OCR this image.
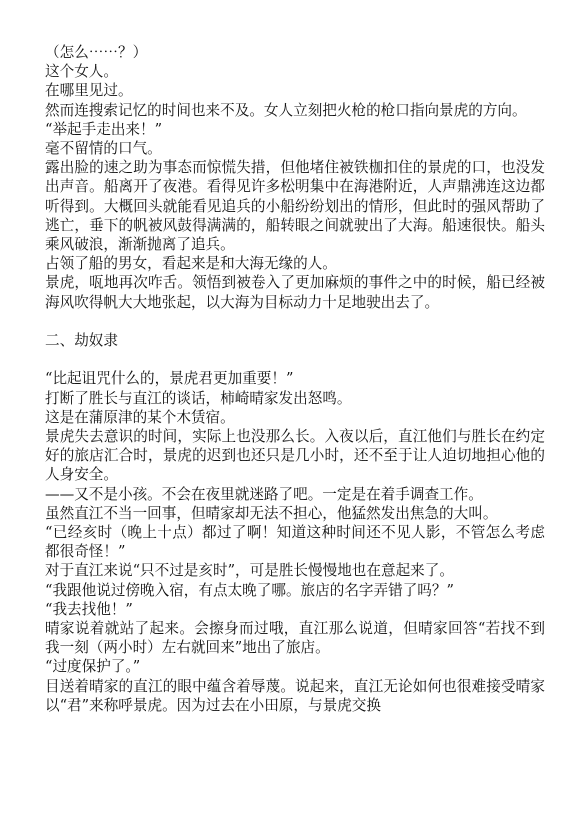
（怎么⋯⋯？）

这个女人。

在哪里见过。

然而连搜索记忆的时间也来不及。女人立刻把火枪的枪口指向景虎的方向。

“举起手走出来！”

毫不留情的口气。

露出脸的速之助为事态而惊慌失措，但他堵住被铁枷扣住的景虎的口，也没发出声音。船离开了夜港。看得见许多松明集中在海港附近，人声鼎沸连这边都听得到。大概回头就能看见追兵的小船纷纷划出的情形，但此时的强风帮助了逃亡，垂下的帆被风鼓得满满的，船转眼之间就驶出了大海。船速很快。船头乘风破浪，渐渐抛离了追兵。

占领了船的男女，看起来是和大海无缘的人。

景虎，咓地再次咋舌。领悟到被卷入了更加麻烦的事件之中的时候，船已经被海风吹得帆大大地张起，以大海为目标动力十足地驶出去了。

二、劫奴隶

“比起诅咒什么的，景虎君更加重要！”

打断了胜长与直江的谈话，柿崎晴家发出怒鸣。

这是在蒲原津的某个木赁宿。

景虎失去意识的时间，实际上也没那么长。入夜以后，直江他们与胜长在约定好的旅店汇合时，景虎的迟到也还只是几小时，还不至于让人迫切地担心他的人身安全。

——又不是小孩。不会在夜里就迷路了吧。一定是在着手调查工作。

虽然直江不当一回事，但晴家却无法不担心，他猛然发出焦急的大叫。

“已经亥时（晚上十点）都过了啊！知道这种时间还不见人影，不管怎么考虑都很奇怪！”

对于直江来说“只不过是亥时”，可是胜长慢慢地也在意起来了。

“我跟他说过傍晚入宿，有点太晚了哪。旅店的名字弄错了吗？”

“我去找他！”

晴家说着就站了起来。会擦身而过哦，直江那么说道，但晴家回答“若找不到我一刻（两小时）左右就回来”地出了旅店。

“过度保护了。”

目送着晴家的直江的眼中蕴含着辱蔑。说起来，直江无论如何也很难接受晴家以“君”来称呼景虎。因为过去在小田原，与景虎交换
